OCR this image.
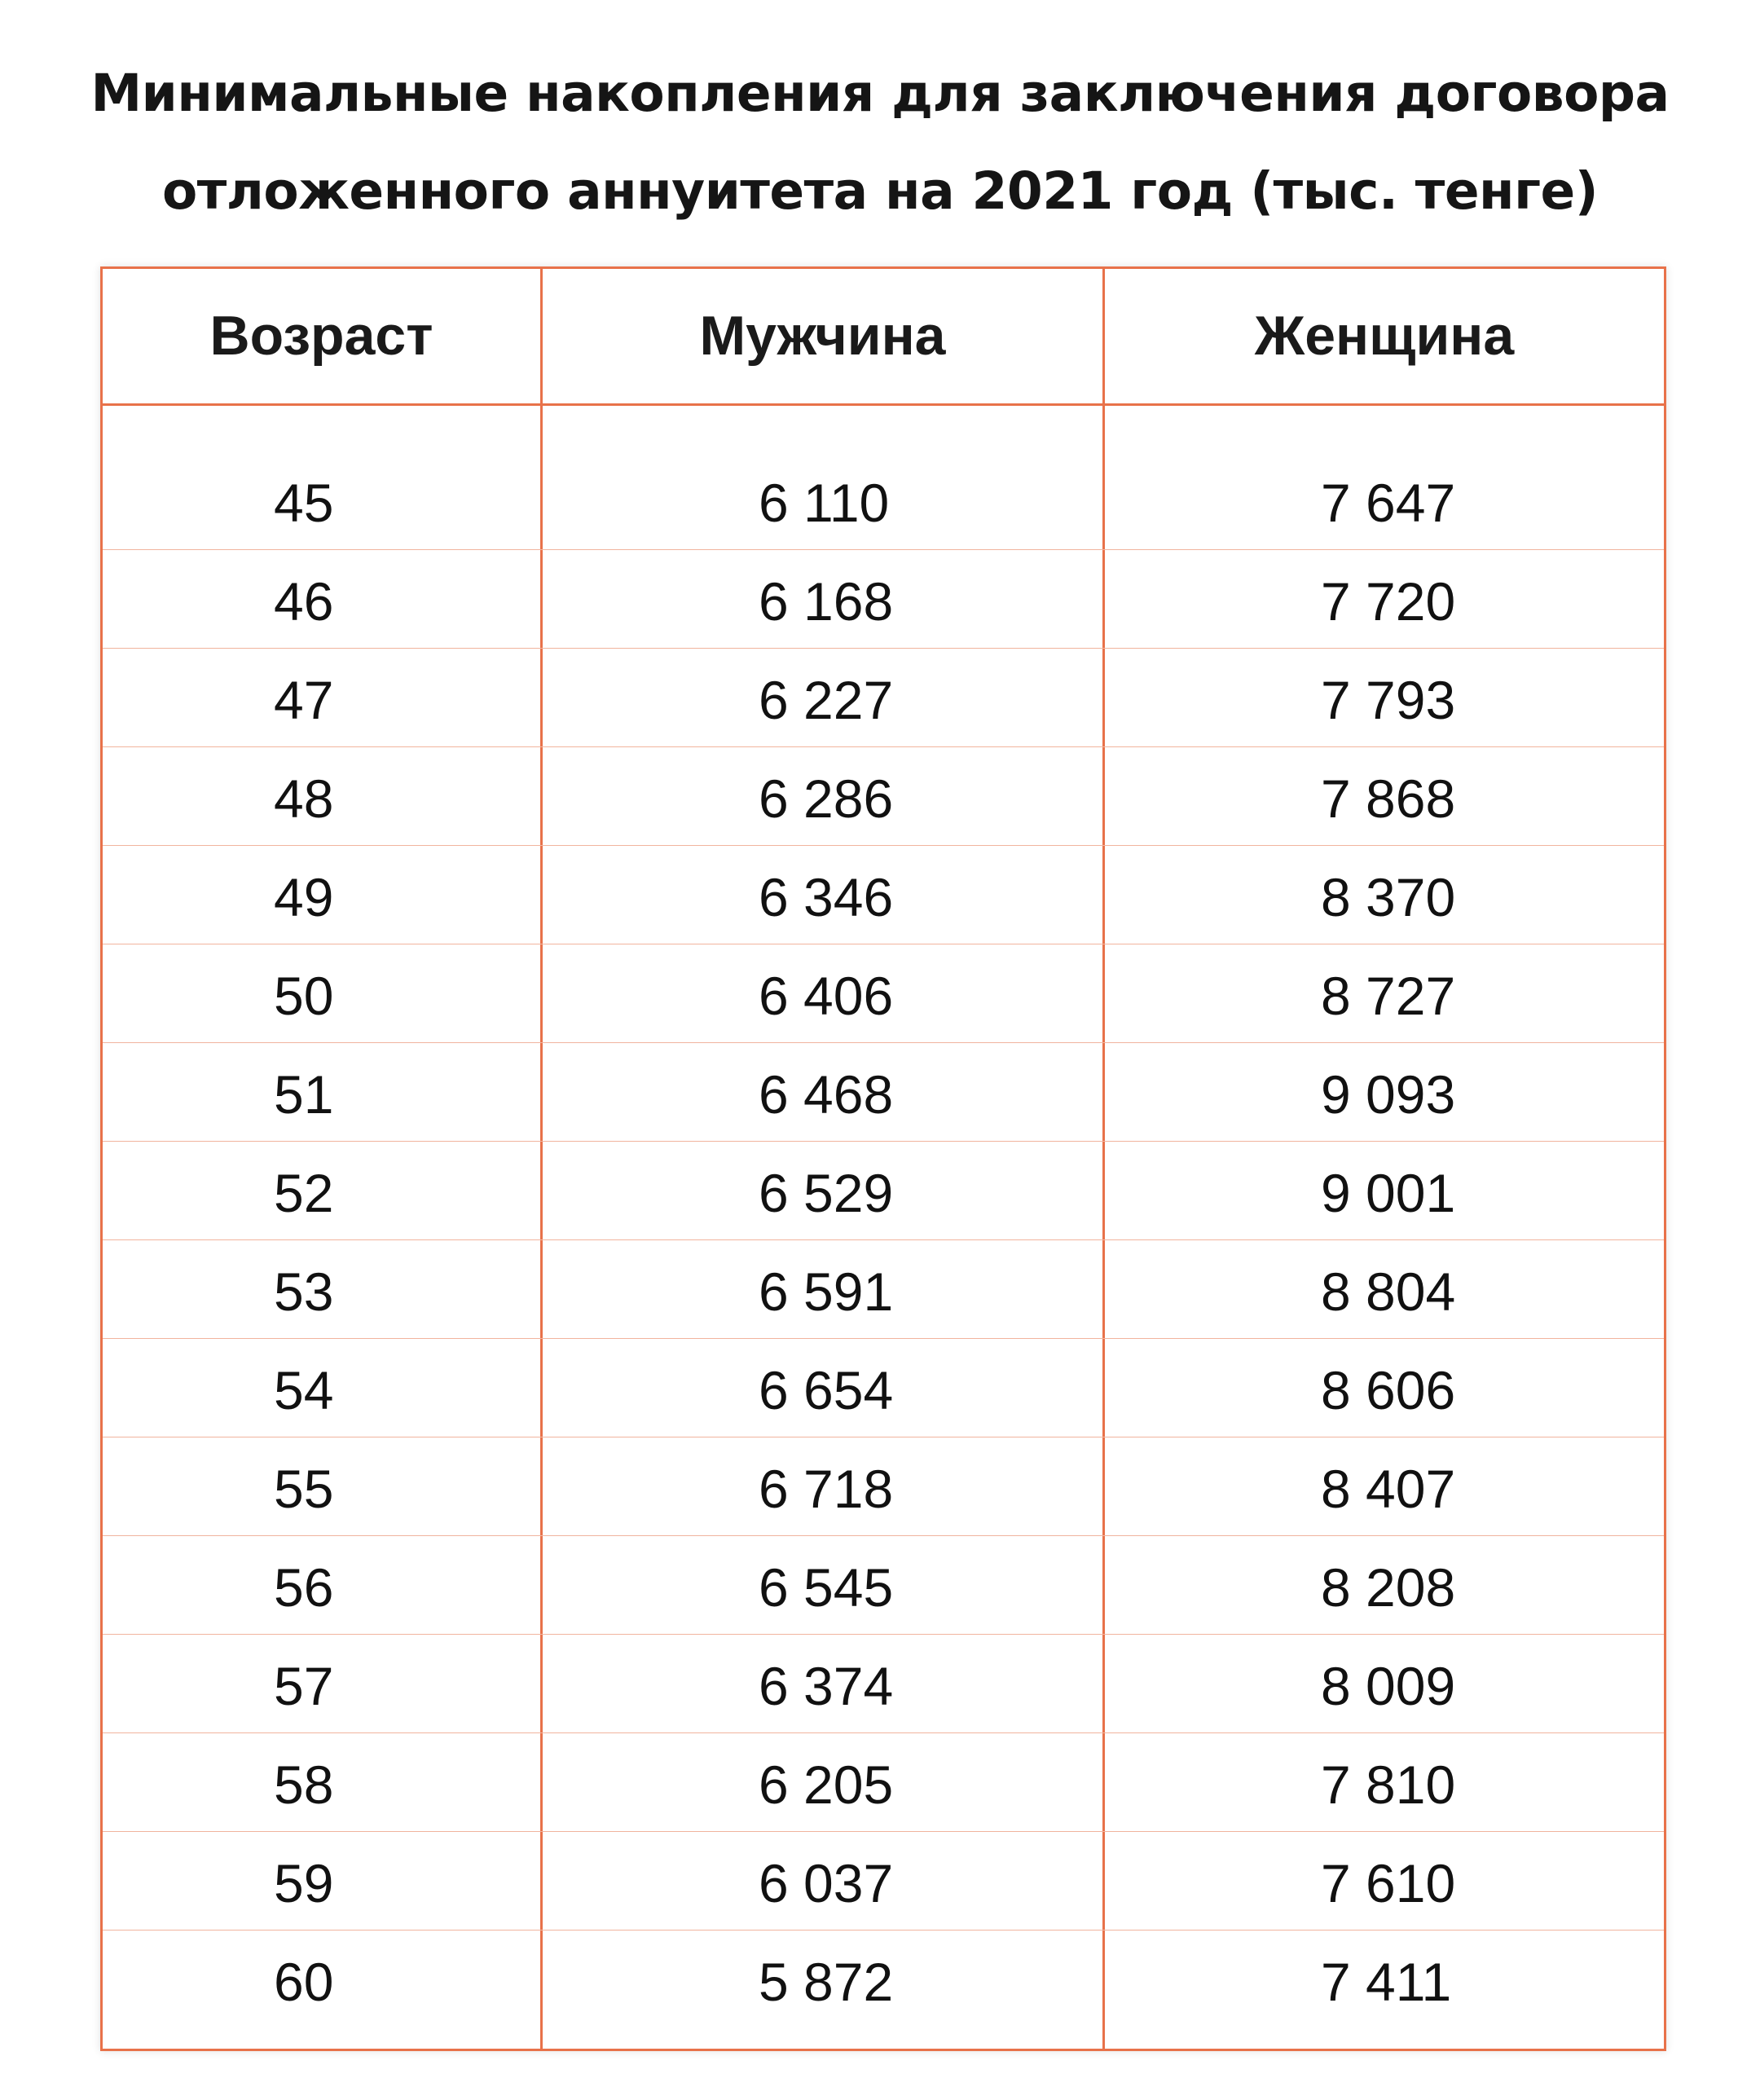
Минимальные накопления для заключения договора
отложенного аннуитета на 2021 год (тыс. тенге)
Возраст	Мужчина	Женщина
45	6 110	7 647
46	6 168	7 720
47	6 227	7 793
48	6 286	7 868
49	6 346	8 370
50	6 406	8 727
51	6 468	9 093
52	6 529	9 001
53	6 591	8 804
54	6 654	8 606
55	6 718	8 407
56	6 545	8 208
57	6 374	8 009
58	6 205	7 810
59	6 037	7 610
60	5 872	7 411
